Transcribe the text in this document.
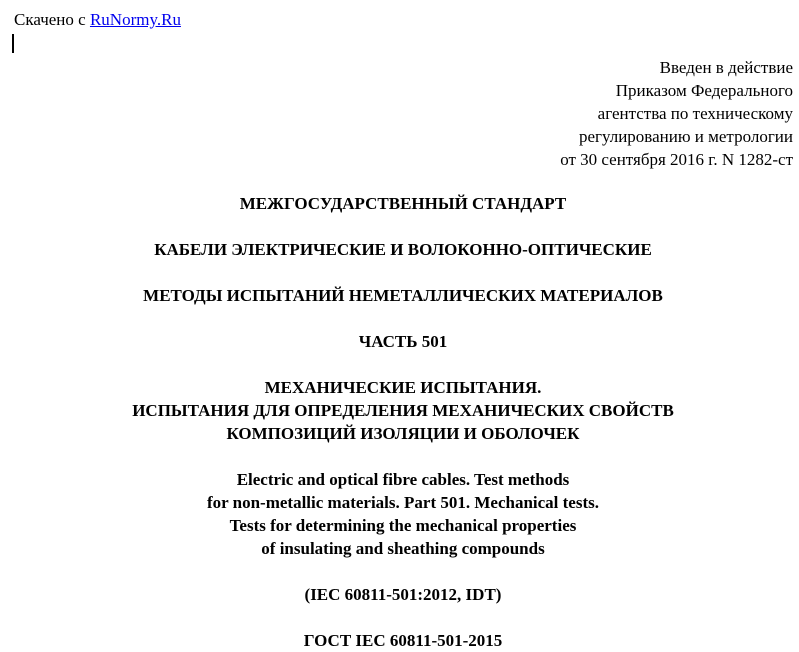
Скачено с RuNormy.Ru
Введен в действие
Приказом Федерального
агентства по техническому
регулированию и метрологии
от 30 сентября 2016 г. N 1282-ст
МЕЖГОСУДАРСТВЕННЫЙ СТАНДАРТ
КАБЕЛИ ЭЛЕКТРИЧЕСКИЕ И ВОЛОКОННО-ОПТИЧЕСКИЕ
МЕТОДЫ ИСПЫТАНИЙ НЕМЕТАЛЛИЧЕСКИХ МАТЕРИАЛОВ
ЧАСТЬ 501
МЕХАНИЧЕСКИЕ ИСПЫТАНИЯ.
ИСПЫТАНИЯ ДЛЯ ОПРЕДЕЛЕНИЯ МЕХАНИЧЕСКИХ СВОЙСТВ
КОМПОЗИЦИЙ ИЗОЛЯЦИИ И ОБОЛОЧЕК
Electric and optical fibre cables. Test methods
for non-metallic materials. Part 501. Mechanical tests.
Tests for determining the mechanical properties
of insulating and sheathing compounds
(IEC 60811-501:2012, IDT)
ГОСТ IEC 60811-501-2015
